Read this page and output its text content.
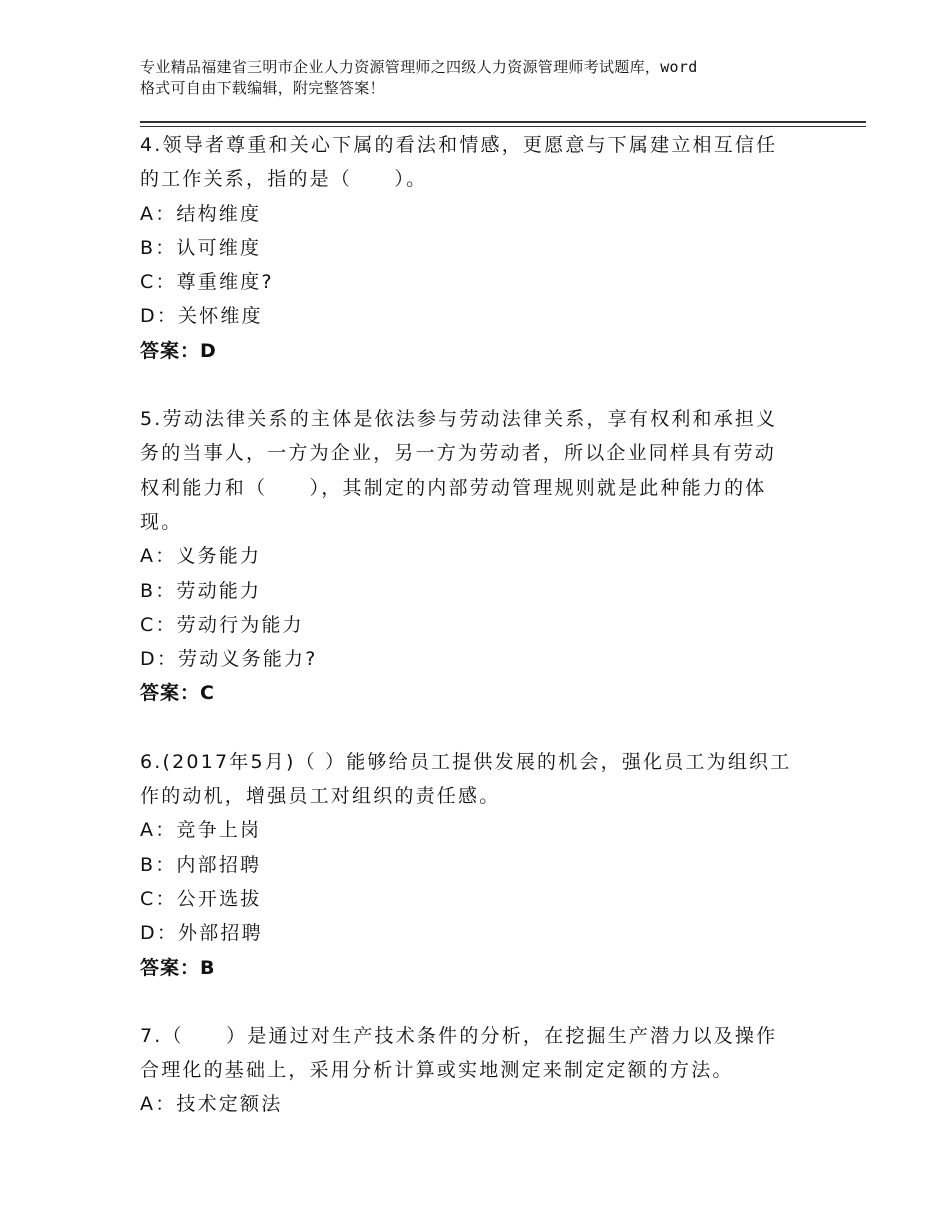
专业精品福建省三明市企业人力资源管理师之四级人力资源管理师考试题库，word
格式可自由下载编辑，附完整答案！

4.领导者尊重和关心下属的看法和情感，更愿意与下属建立相互信任

的工作关系，指的是（　　）。

A：结构维度

B：认可维度

C：尊重维度?

D：关怀维度

答案：D

5.劳动法律关系的主体是依法参与劳动法律关系，享有权利和承担义

务的当事人，一方为企业，另一方为劳动者，所以企业同样具有劳动

权利能力和（　　），其制定的内部劳动管理规则就是此种能力的体

现。

A：义务能力

B：劳动能力

C：劳动行为能力

D：劳动义务能力?

答案：C

6.(2017年5月)（ ）能够给员工提供发展的机会，强化员工为组织工

作的动机，增强员工对组织的责任感。

A：竞争上岗

B：内部招聘

C：公开选拔

D：外部招聘

答案：B

7.（　　）是通过对生产技术条件的分析，在挖掘生产潜力以及操作

合理化的基础上，采用分析计算或实地测定来制定定额的方法。

A：技术定额法
